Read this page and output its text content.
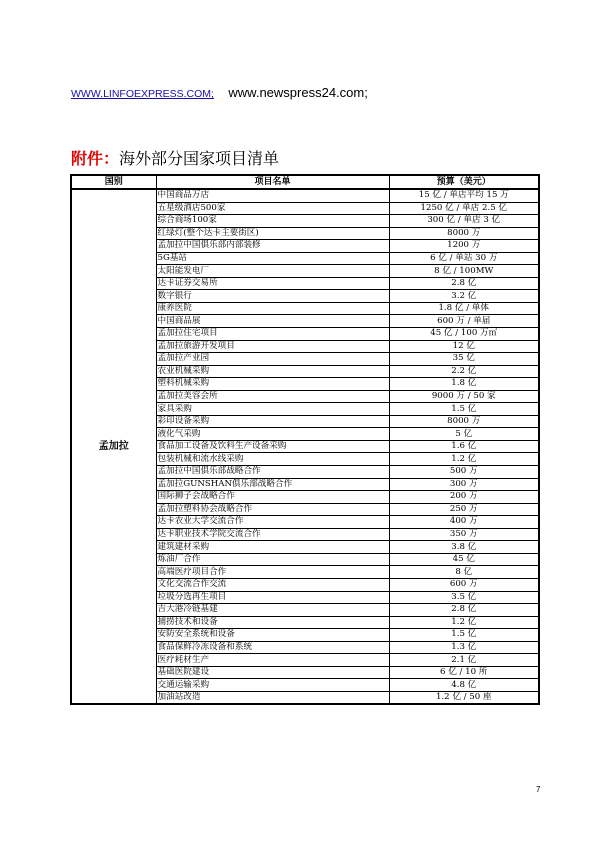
WWW.LINFOEXPRESS.COM; www.newspress24.com;
附件：海外部分国家项目清单
国别	项目名单	预算（美元）
孟加拉	中国商品万店	15 亿 / 单店平均 15 万
	五星级酒店500家	1250 亿 / 单店 2.5 亿
	综合商场100家	300 亿 / 单店 3 亿
	红绿灯(整个达卡主要街区)	8000 万
	孟加拉中国俱乐部内部装修	1200 万
	5G基站	6 亿 / 单站 30 万
	太阳能发电厂	8 亿 / 100MW
	达卡证券交易所	2.8 亿
	数字银行	3.2 亿
	康养医院	1.8 亿 / 单体
	中国商品展	600 万 / 单届
	孟加拉住宅项目	45 亿 / 100 万㎡
	孟加拉旅游开发项目	12 亿
	孟加拉产业园	35 亿
	农业机械采购	2.2 亿
	塑料机械采购	1.8 亿
	孟加拉美容会所	9000 万 / 50 家
	家具采购	1.5 亿
	彩印设备采购	8000 万
	液化气采购	5 亿
	食品加工设备及饮料生产设备采购	1.6 亿
	包装机械和流水线采购	1.2 亿
	孟加拉中国俱乐部战略合作	500 万
	孟加拉GUNSHAN俱乐部战略合作	300 万
	国际狮子会战略合作	200 万
	孟加拉塑料协会战略合作	250 万
	达卡农业大学交流合作	400 万
	达卡职业技术学院交流合作	350 万
	建筑建材采购	3.8 亿
	炼油厂合作	45 亿
	高端医疗项目合作	8 亿
	文化交流合作交流	600 万
	垃圾分选再生项目	3.5 亿
	吉大港冷链基建	2.8 亿
	捕捞技术和设备	1.2 亿
	安防安全系统和设备	1.5 亿
	食品保鲜冷冻设备和系统	1.3 亿
	医疗耗材生产	2.1 亿
	基础医院建设	6 亿 / 10 所
	交通运输采购	4.8 亿
	加油站改造	1.2 亿 / 50 座
7
